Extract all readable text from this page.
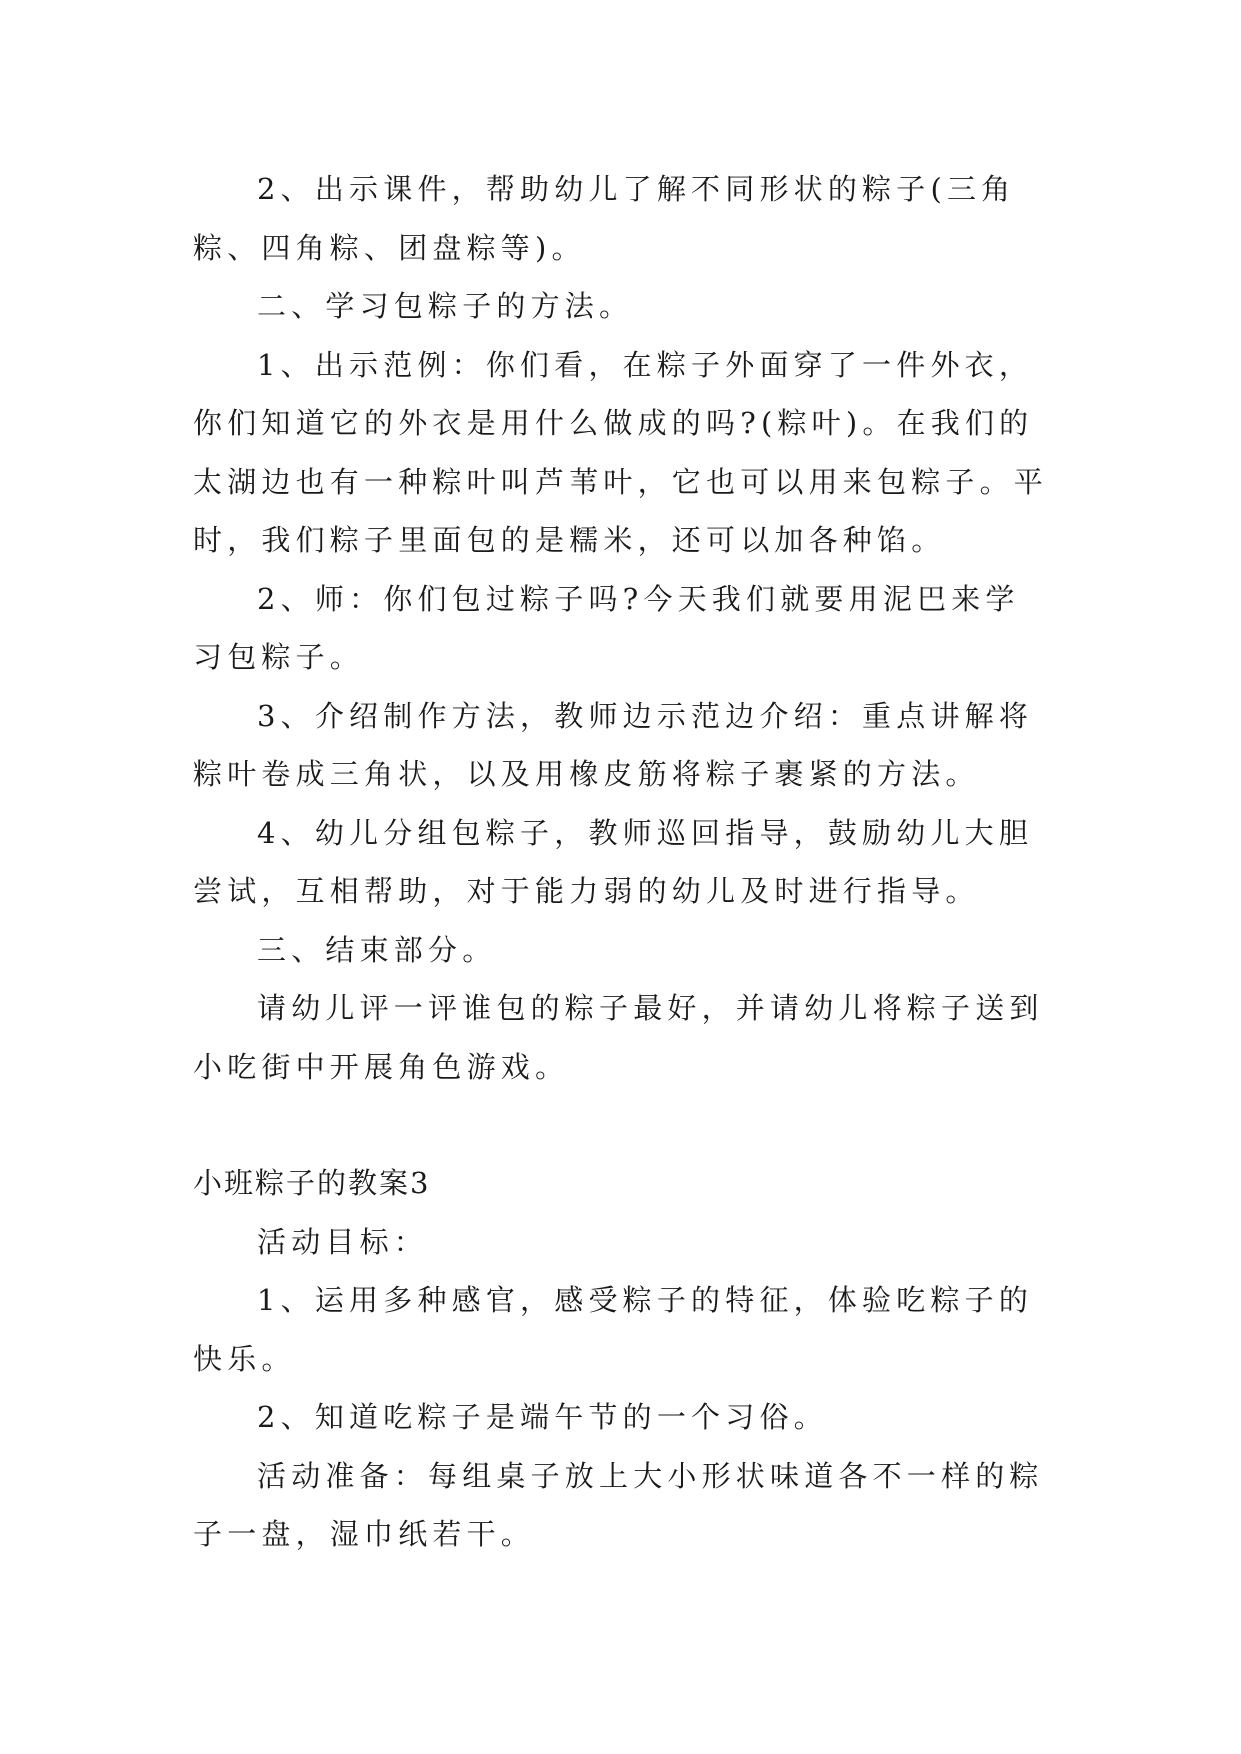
2、出示课件，帮助幼儿了解不同形状的粽子(三角粽、四角粽、团盘粽等)。

二、学习包粽子的方法。

1、出示范例：你们看，在粽子外面穿了一件外衣，你们知道它的外衣是用什么做成的吗?(粽叶)。在我们的太湖边也有一种粽叶叫芦苇叶，它也可以用来包粽子。平时，我们粽子里面包的是糯米，还可以加各种馅。

2、师：你们包过粽子吗?今天我们就要用泥巴来学习包粽子。

3、介绍制作方法，教师边示范边介绍：重点讲解将粽叶卷成三角状，以及用橡皮筋将粽子裹紧的方法。

4、幼儿分组包粽子，教师巡回指导，鼓励幼儿大胆尝试，互相帮助，对于能力弱的幼儿及时进行指导。

三、结束部分。

请幼儿评一评谁包的粽子最好，并请幼儿将粽子送到小吃街中开展角色游戏。

小班粽子的教案3

活动目标：

1、运用多种感官，感受粽子的特征，体验吃粽子的快乐。

2、知道吃粽子是端午节的一个习俗。

活动准备：每组桌子放上大小形状味道各不一样的粽子一盘，湿巾纸若干。
